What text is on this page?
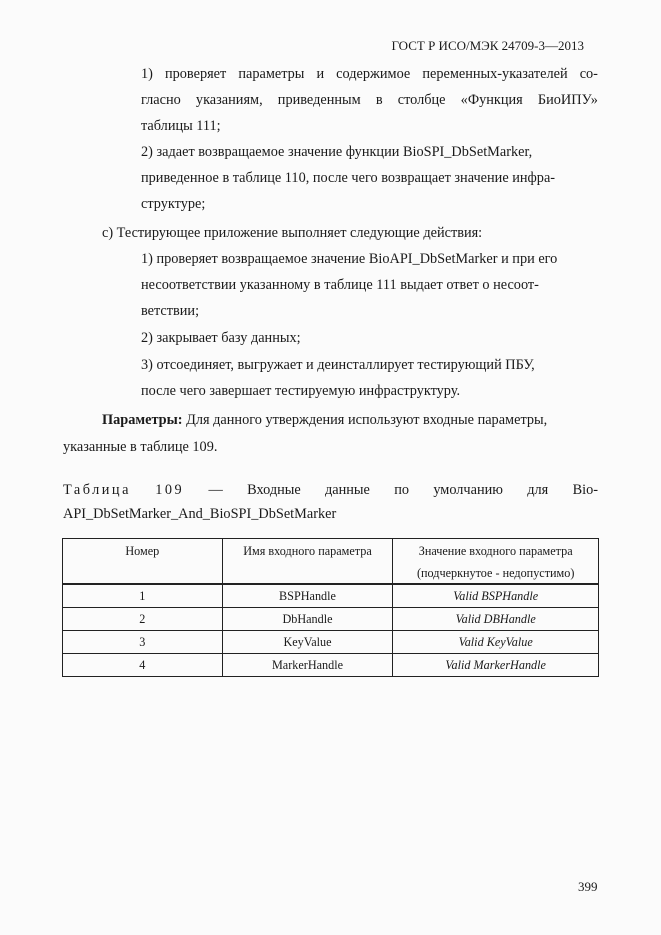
ГОСТ Р ИСО/МЭК 24709-3—2013
1) проверяет параметры и содержимое переменных-указателей со-
гласно указаниям, приведенным в столбце «Функция БиоИПУ»
таблицы 111;
2) задает возвращаемое значение функции BioSPI_DbSetMarker,
приведенное в таблице 110, после чего возвращает значение инфра-
структуре;
с) Тестирующее приложение выполняет следующие действия:
1) проверяет возвращаемое значение BioAPI_DbSetMarker и при его
несоответствии указанному в таблице 111 выдает ответ о несоот-
ветствии;
2) закрывает базу данных;
3) отсоединяет, выгружает и деинсталлирует тестирующий ПБУ,
после чего завершает тестируемую инфраструктуру.
Параметры: Для данного утверждения используют входные параметры,
указанные в таблице 109.
Таблица 109 — Входные данные по умолчанию для Bio-
API_DbSetMarker_And_BioSPI_DbSetMarker
Номер	Имя входного параметра	Значение входного параметра
(подчеркнутое - недопустимо)

1	BSPHandle	Valid BSPHandle
2	DbHandle	Valid DBHandle
3	KeyValue	Valid KeyValue
4	MarkerHandle	Valid MarkerHandle
399
